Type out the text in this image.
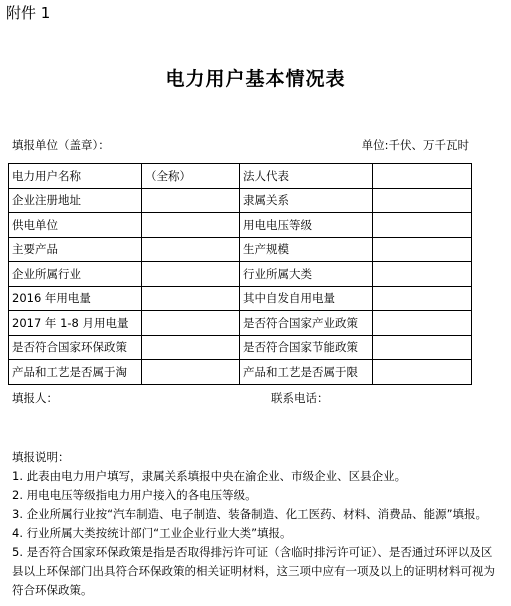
附件 1
电力用户基本情况表
填报单位（盖章）：	单位:千伏、万千瓦时
电力用户名称	（全称）	法人代表	
企业注册地址		隶属关系	
供电单位		用电电压等级	
主要产品		生产规模	
企业所属行业		行业所属大类	
2016 年用电量		其中自发自用电量	
2017 年 1-8 月用电量		是否符合国家产业政策	
是否符合国家环保政策		是否符合国家节能政策	
产品和工艺是否属于淘		产品和工艺是否属于限	
填报人：	联系电话：
填报说明：
1. 此表由电力用户填写，隶属关系填报中央在渝企业、市级企业、区县企业。
2. 用电电压等级指电力用户接入的各电压等级。
3. 企业所属行业按“汽车制造、电子制造、装备制造、化工医药、材料、消费品、能源”填报。
4. 行业所属大类按统计部门“工业企业行业大类”填报。
5. 是否符合国家环保政策是指是否取得排污许可证（含临时排污许可证）、是否通过环评以及区县以上环保部门出具符合环保政策的相关证明材料，这三项中应有一项及以上的证明材料可视为符合环保政策。
